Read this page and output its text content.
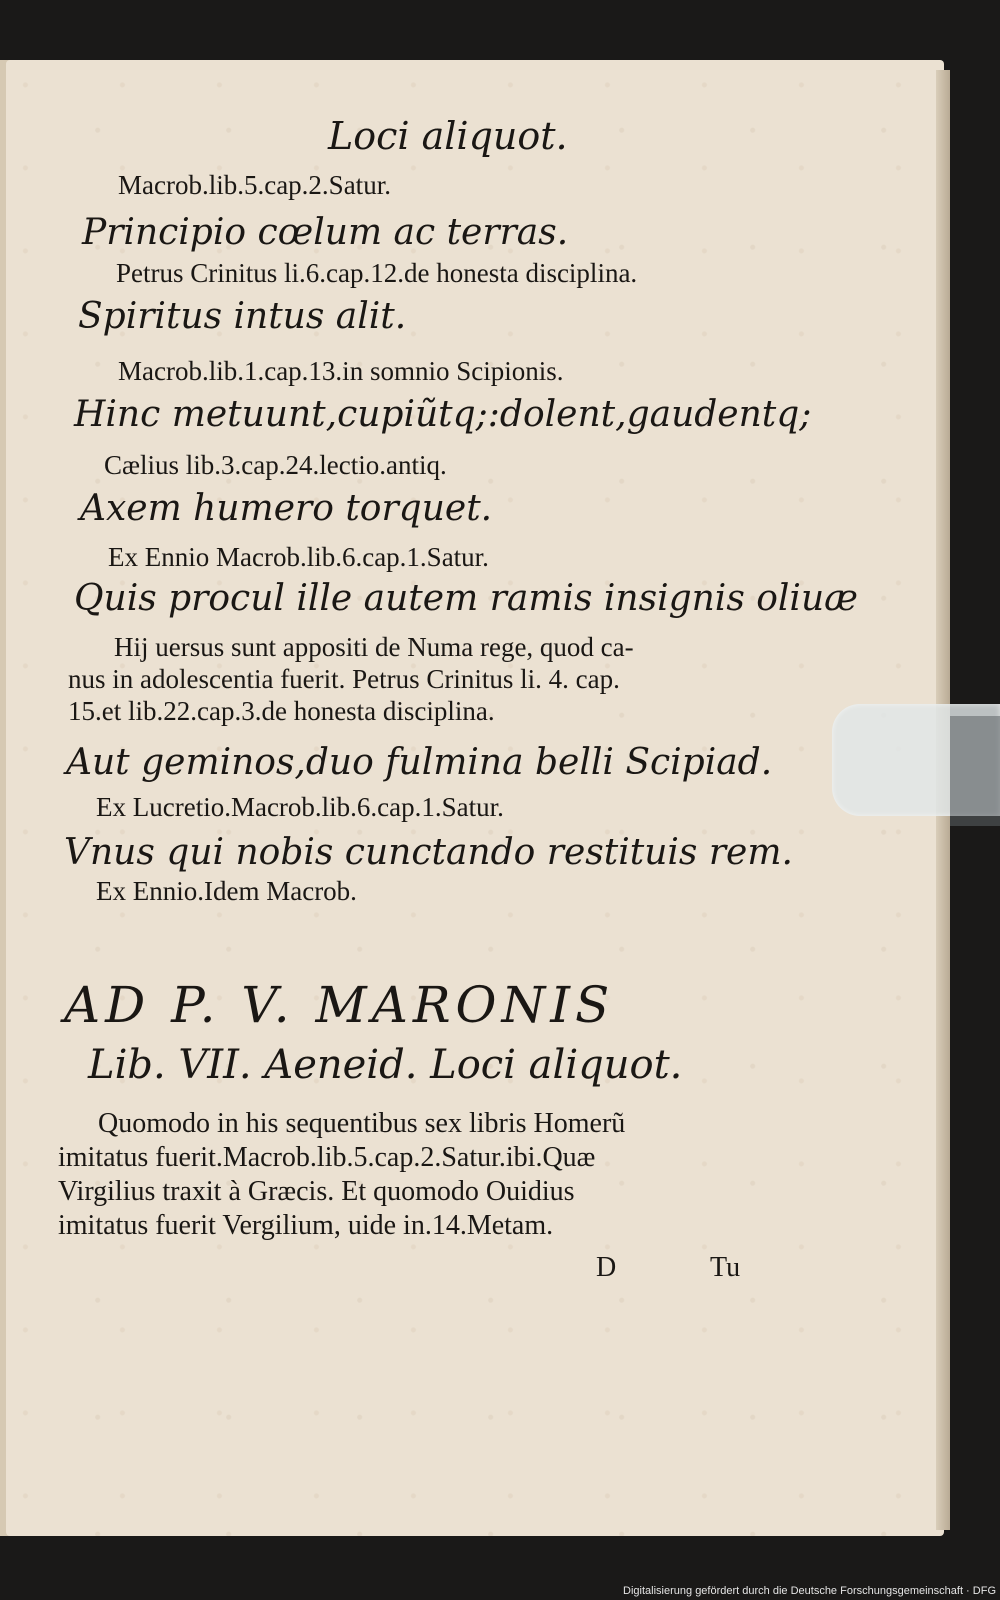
Loci aliquot.
Macrob.lib.5.cap.2.Satur.
Principio cœlum ac terras.
Petrus Crinitus li.6.cap.12.de honesta disciplina.
Spiritus intus alit.
Macrob.lib.1.cap.13.in somnio Scipionis.
Hinc metuunt,cupiũtq;:dolent,gaudentq;
Cælius lib.3.cap.24.lectio.antiq.
Axem humero torquet.
Ex Ennio Macrob.lib.6.cap.1.Satur.
Quis procul ille autem ramis insignis oliuæ
Hij uersus sunt appositi de Numa rege, quod ca-
nus in adolescentia fuerit. Petrus Crinitus li. 4. cap.
15.et lib.22.cap.3.de honesta disciplina.
Aut geminos,duo fulmina belli Scipiad.
Ex Lucretio.Macrob.lib.6.cap.1.Satur.
Vnus qui nobis cunctando restituis rem.
Ex Ennio.Idem Macrob.
AD P. V. MARONIS
Lib. VII. Aeneid. Loci aliquot.
Quomodo in his sequentibus sex libris Homerũ
imitatus fuerit.Macrob.lib.5.cap.2.Satur.ibi.Quæ
Virgilius traxit à Græcis. Et quomodo Ouidius
imitatus fuerit Vergilium, uide in.14.Metam.
D	Tu
Digitalisierung gefördert durch die Deutsche Forschungsgemeinschaft · DFG
